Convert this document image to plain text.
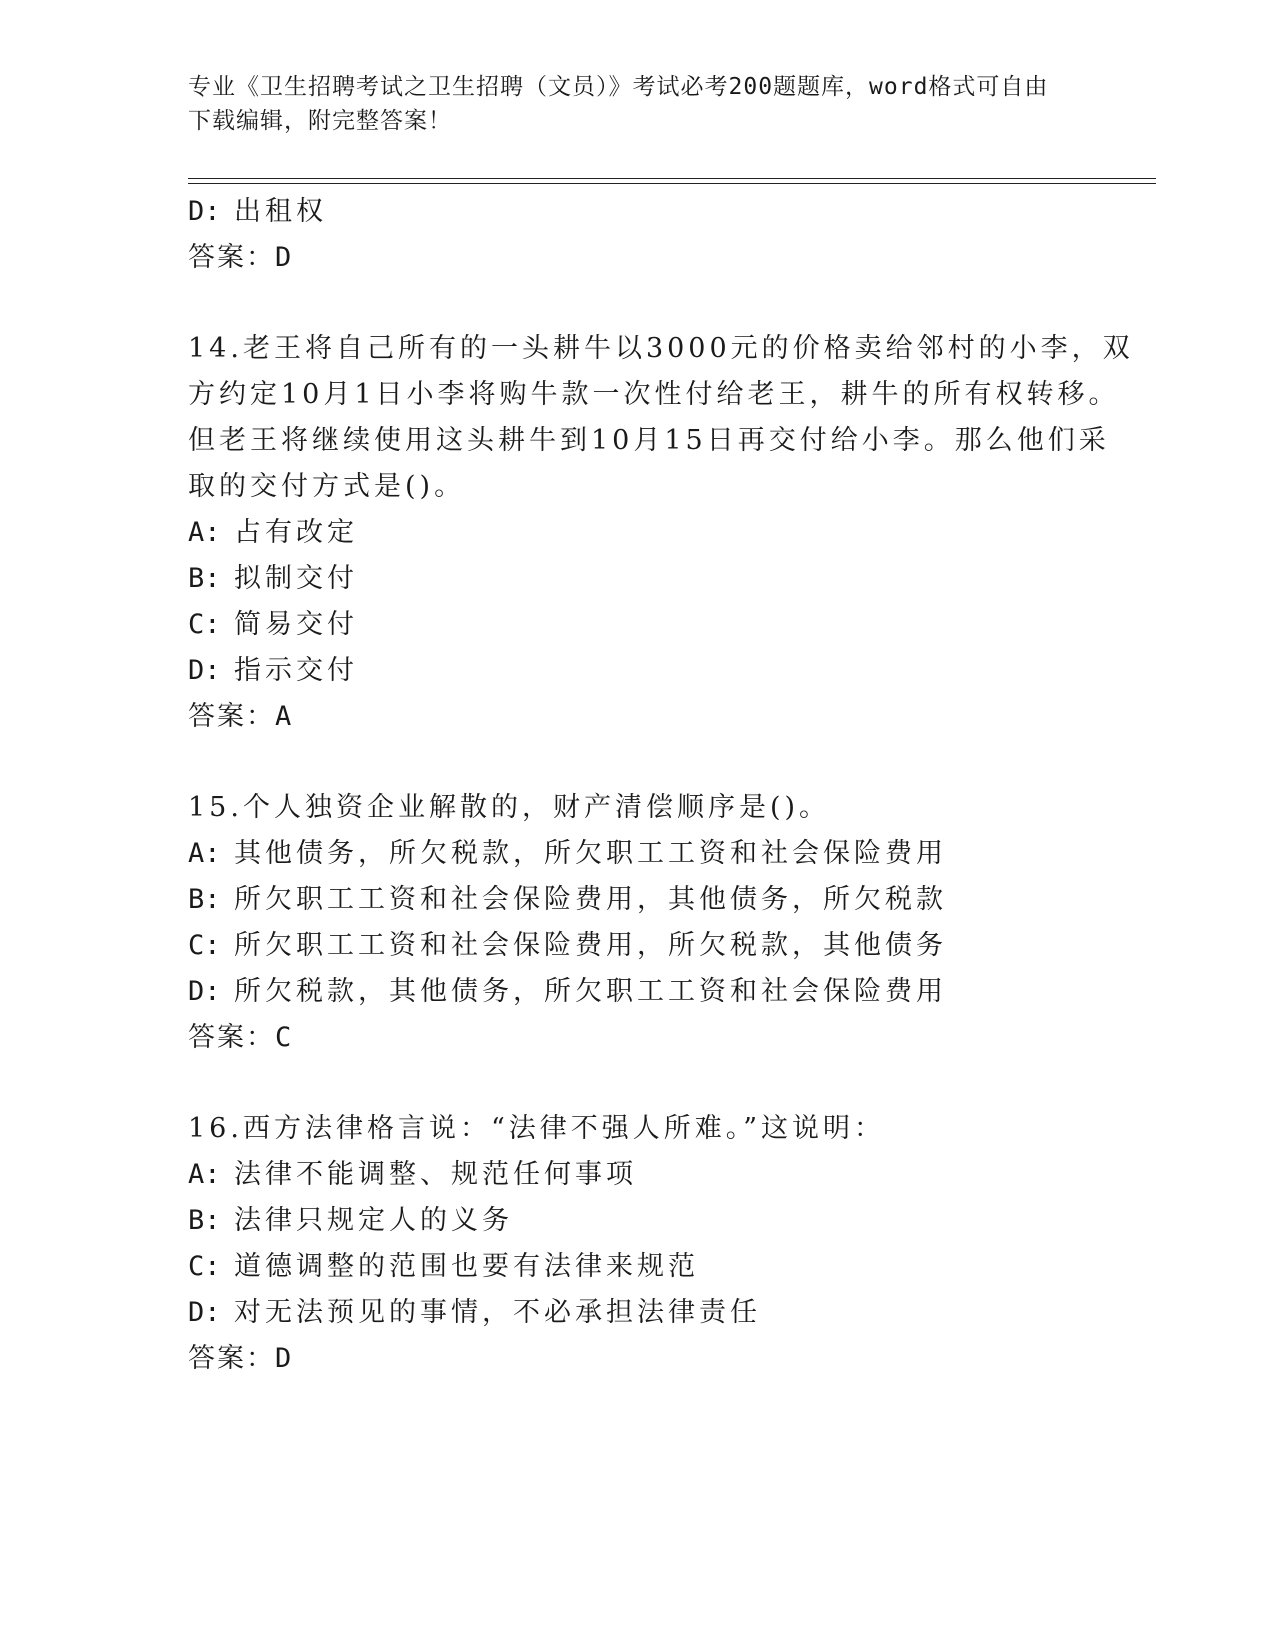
专业《卫生招聘考试之卫生招聘（文员）》考试必考200题题库，word格式可自由下载编辑，附完整答案！
D: 出租权
答案：D
14.老王将自己所有的一头耕牛以3000元的价格卖给邻村的小李，双
方约定10月1日小李将购牛款一次性付给老王，耕牛的所有权转移。
但老王将继续使用这头耕牛到10月15日再交付给小李。那么他们采
取的交付方式是()。
A: 占有改定
B: 拟制交付
C: 简易交付
D: 指示交付
答案：A
15.个人独资企业解散的，财产清偿顺序是()。
A: 其他债务，所欠税款，所欠职工工资和社会保险费用
B: 所欠职工工资和社会保险费用，其他债务，所欠税款
C: 所欠职工工资和社会保险费用，所欠税款，其他债务
D: 所欠税款，其他债务，所欠职工工资和社会保险费用
答案：C
16.西方法律格言说：“法律不强人所难。”这说明：
A: 法律不能调整、规范任何事项
B: 法律只规定人的义务
C: 道德调整的范围也要有法律来规范
D: 对无法预见的事情，不必承担法律责任
答案：D
